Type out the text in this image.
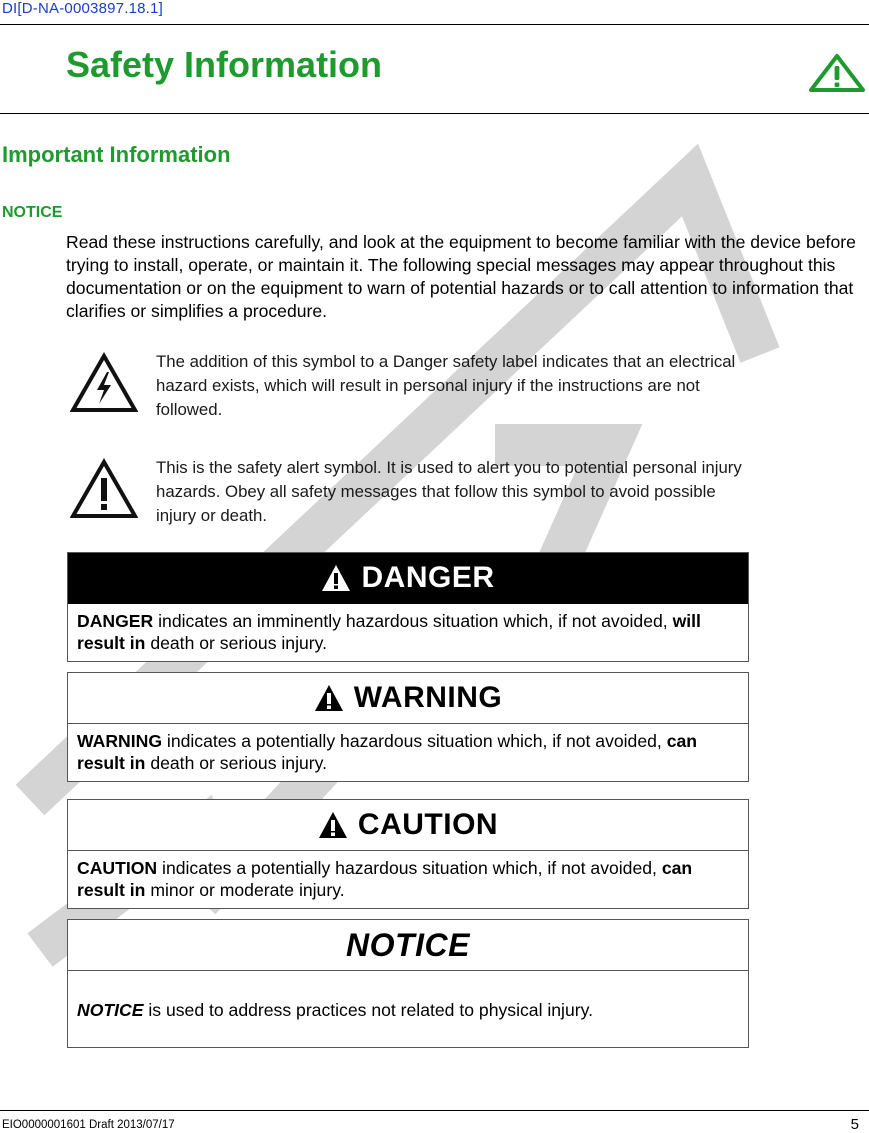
DI[D-NA-0003897.18.1]
Safety Information
Important Information
NOTICE
Read these instructions carefully, and look at the equipment to become familiar with the device before trying to install, operate, or maintain it. The following special messages may appear throughout this documentation or on the equipment to warn of potential hazards or to call attention to information that clarifies or simplifies a procedure.
The addition of this symbol to a Danger safety label indicates that an electrical hazard exists, which will result in personal injury if the instructions are not followed.
This is the safety alert symbol. It is used to alert you to potential personal injury hazards. Obey all safety messages that follow this symbol to avoid possible injury or death.
DANGER
DANGER indicates an imminently hazardous situation which, if not avoided, will result in death or serious injury.
WARNING
WARNING indicates a potentially hazardous situation which, if not avoided, can result in death or serious injury.
CAUTION
CAUTION indicates a potentially hazardous situation which, if not avoided, can result in minor or moderate injury.
NOTICE
NOTICE is used to address practices not related to physical injury.
EIO0000001601 Draft 2013/07/17	5
